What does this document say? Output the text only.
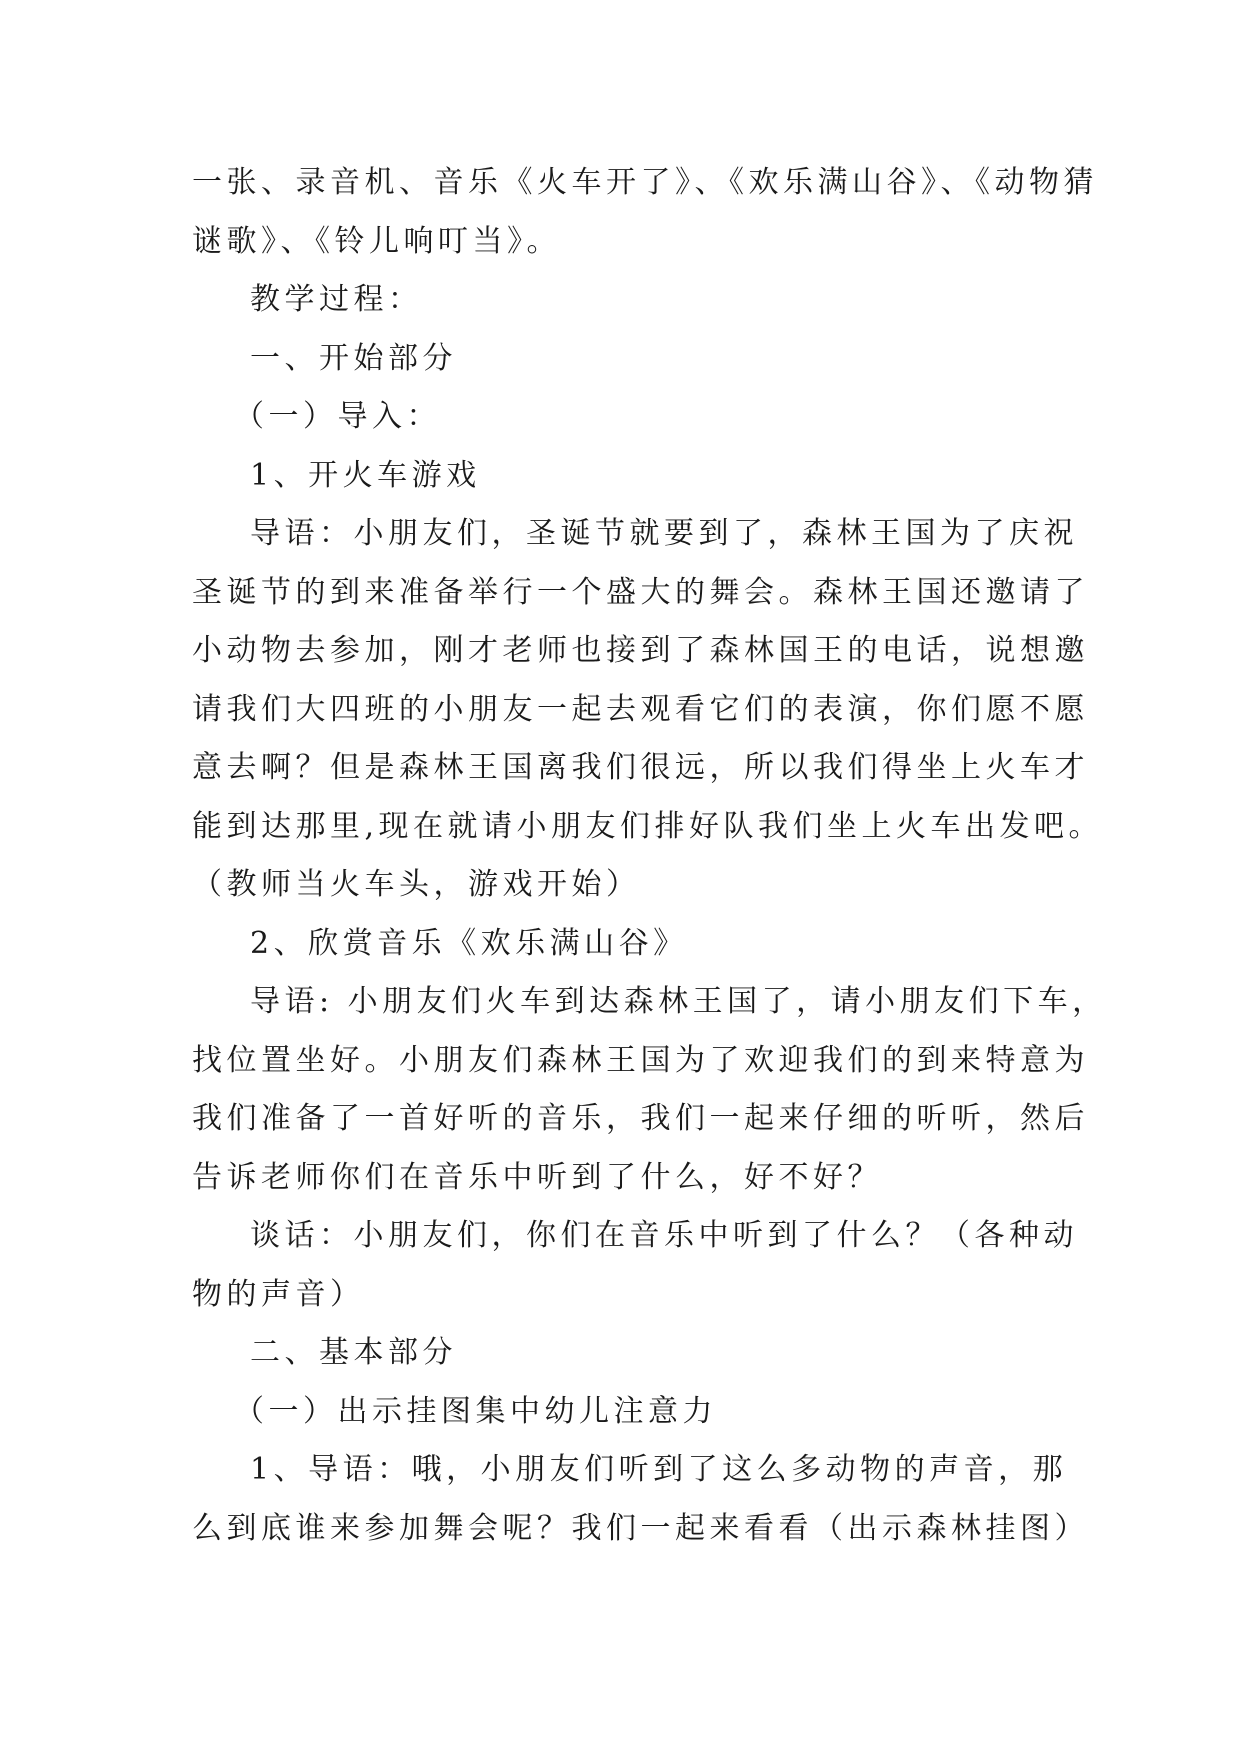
一张、录音机、音乐《火车开了》、《欢乐满山谷》、《动物猜
谜歌》、《铃儿响叮当》。
教学过程：
一、开始部分
（一）导入：
1、开火车游戏
导语：小朋友们，圣诞节就要到了，森林王国为了庆祝
圣诞节的到来准备举行一个盛大的舞会。森林王国还邀请了
小动物去参加，刚才老师也接到了森林国王的电话，说想邀
请我们大四班的小朋友一起去观看它们的表演，你们愿不愿
意去啊？但是森林王国离我们很远，所以我们得坐上火车才
能到达那里,现在就请小朋友们排好队我们坐上火车出发吧。
（教师当火车头，游戏开始）
2、欣赏音乐《欢乐满山谷》
导语: 小朋友们火车到达森林王国了，请小朋友们下车，
找位置坐好。小朋友们森林王国为了欢迎我们的到来特意为
我们准备了一首好听的音乐，我们一起来仔细的听听，然后
告诉老师你们在音乐中听到了什么，好不好？
谈话：小朋友们，你们在音乐中听到了什么？（各种动
物的声音）
二、基本部分
（一）出示挂图集中幼儿注意力
1、导语：哦，小朋友们听到了这么多动物的声音，那
么到底谁来参加舞会呢？我们一起来看看（出示森林挂图）
